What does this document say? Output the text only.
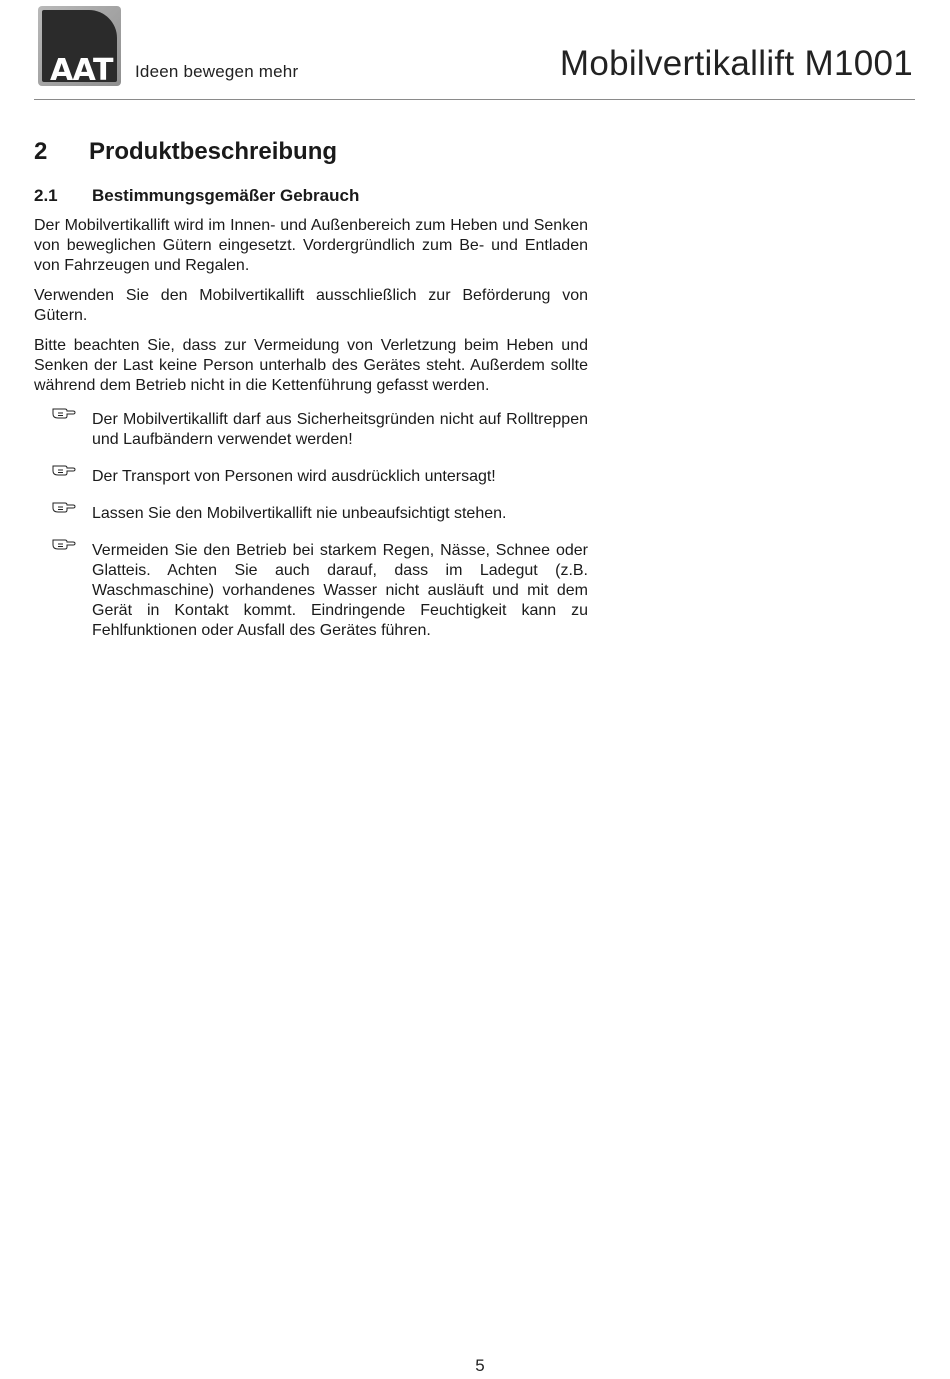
AAT	Ideen bewegen mehr	Mobilvertikallift M1001
2 Produktbeschreibung
2.1 Bestimmungsgemäßer Gebrauch

Der Mobilvertikallift wird im Innen- und Außenbereich zum Heben und Senken von beweglichen Gütern eingesetzt. Vordergründlich zum Be- und Entladen von Fahrzeugen und Regalen.

Verwenden Sie den Mobilvertikallift ausschließlich zur Beförderung von Gütern.

Bitte beachten Sie, dass zur Vermeidung von Verletzung beim Heben und Senken der Last keine Person unterhalb des Gerätes steht. Außerdem sollte während dem Betrieb nicht in die Kettenführung gefasst werden.

Der Mobilvertikallift darf aus Sicherheitsgründen nicht auf Rolltreppen und Laufbändern verwendet werden!
Der Transport von Personen wird ausdrücklich untersagt!
Lassen Sie den Mobilvertikallift nie unbeaufsichtigt stehen.
Vermeiden Sie den Betrieb bei starkem Regen, Nässe, Schnee oder Glatteis. Achten Sie auch darauf, dass im Ladegut (z.B. Waschmaschine) vorhandenes Wasser nicht ausläuft und mit dem Gerät in Kontakt kommt. Eindringende Feuchtigkeit kann zu Fehlfunktionen oder Ausfall des Gerätes führen.
5
